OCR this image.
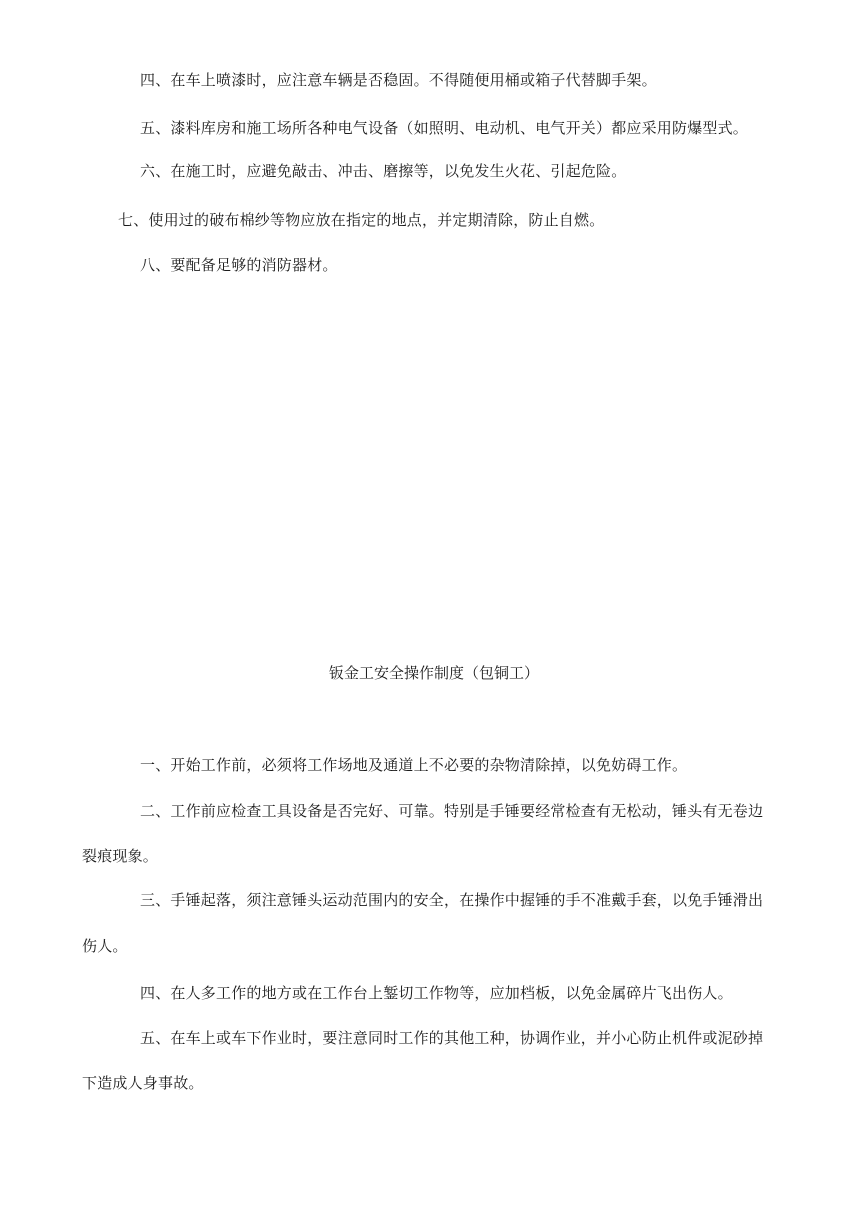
四、在车上喷漆时，应注意车辆是否稳固。不得随便用桶或箱子代替脚手架。
五、漆料库房和施工场所各种电气设备（如照明、电动机、电气开关）都应采用防爆型式。
六、在施工时，应避免敲击、冲击、磨擦等，以免发生火花、引起危险。
七、使用过的破布棉纱等物应放在指定的地点，并定期清除，防止自燃。
八、要配备足够的消防器材。
钣金工安全操作制度（包铜工）
一、开始工作前，必须将工作场地及通道上不必要的杂物清除掉，以免妨碍工作。
二、工作前应检查工具设备是否完好、可靠。特别是手锤要经常检查有无松动，锤头有无卷边
裂痕现象。
三、手锤起落，须注意锤头运动范围内的安全，在操作中握锤的手不准戴手套，以免手锤滑出
伤人。
四、在人多工作的地方或在工作台上錾切工作物等，应加档板，以免金属碎片飞出伤人。
五、在车上或车下作业时，要注意同时工作的其他工种，协调作业，并小心防止机件或泥砂掉
下造成人身事故。
